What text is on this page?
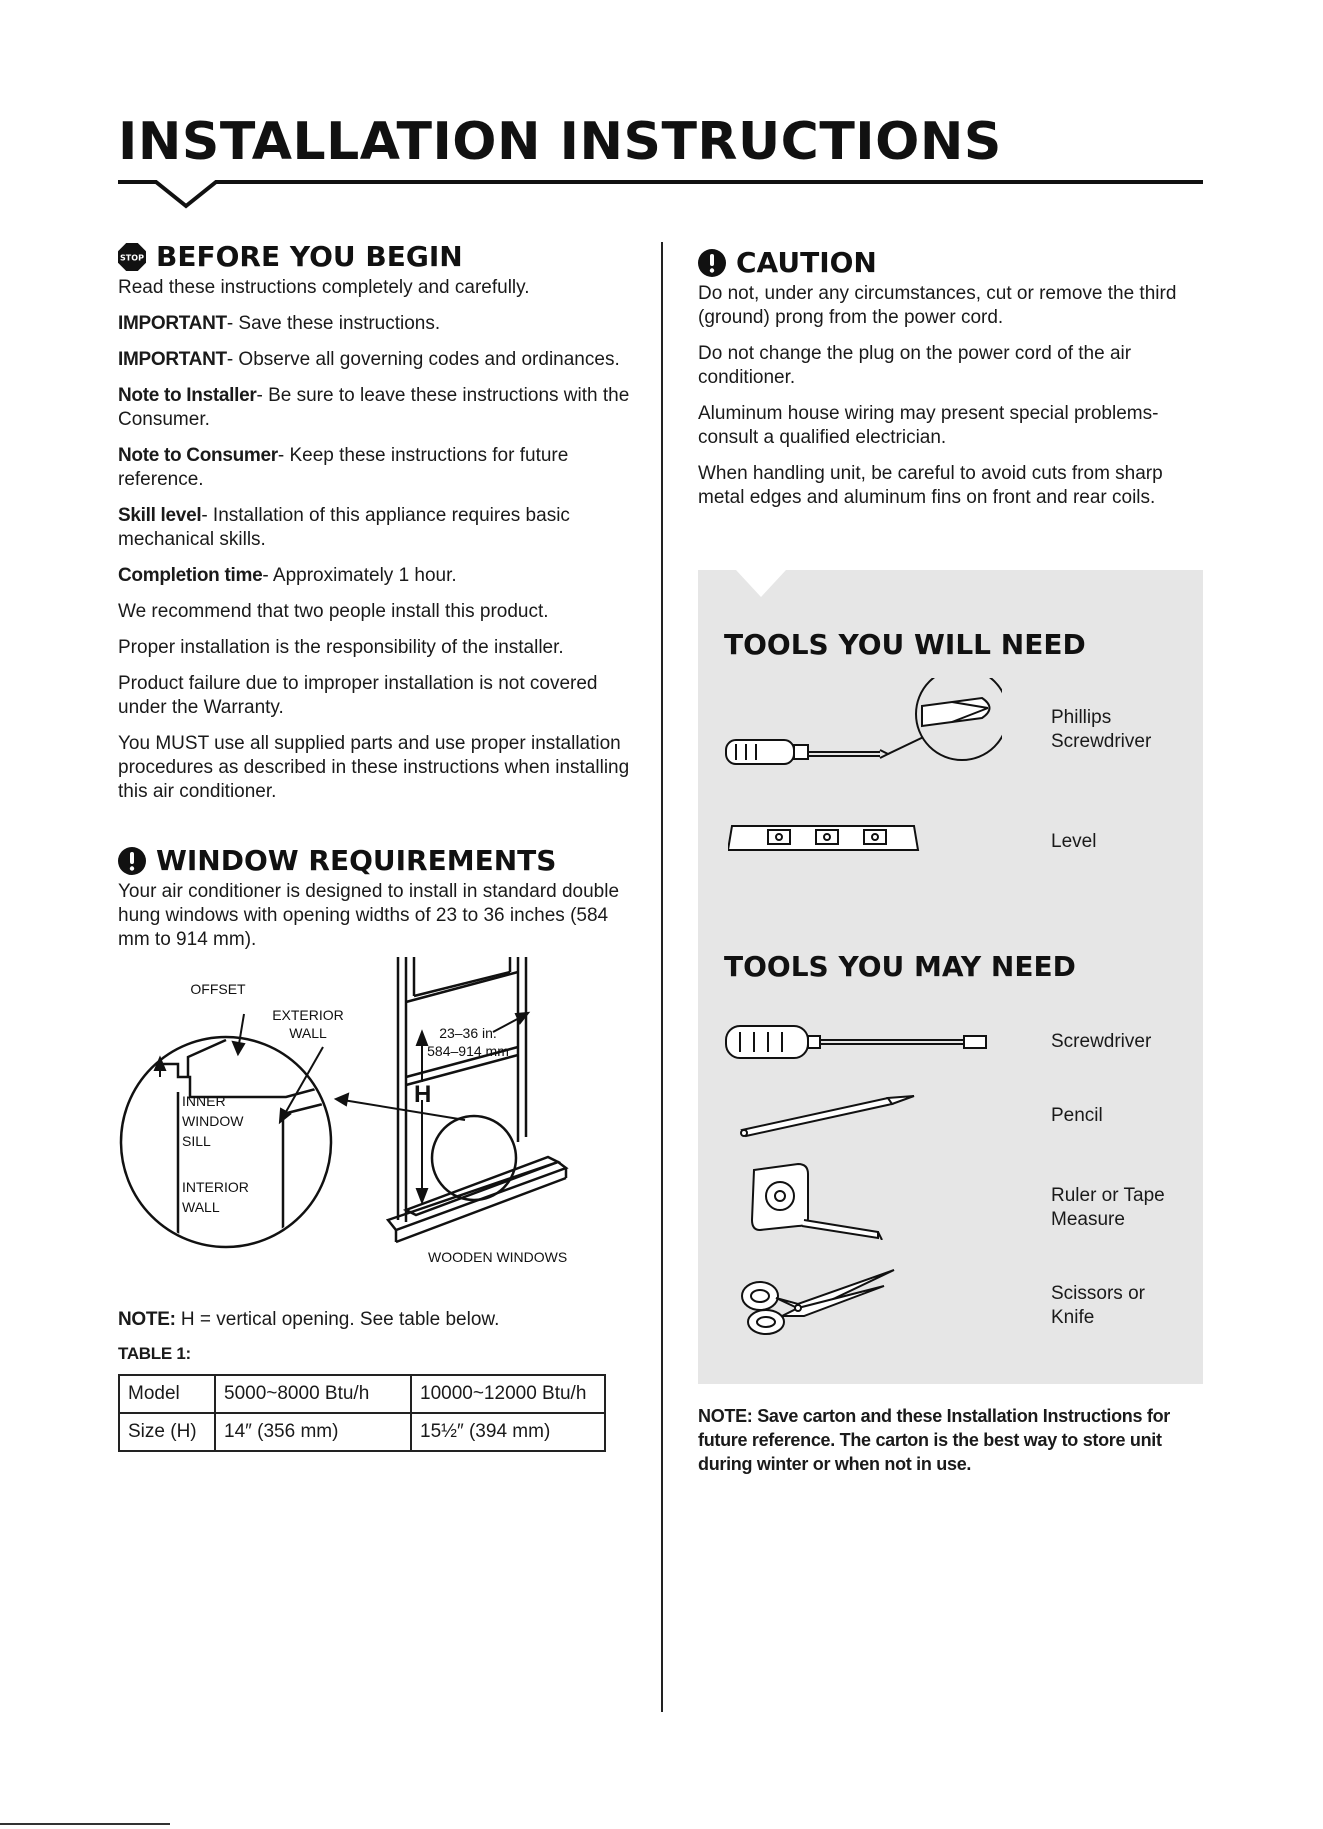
INSTALLATION INSTRUCTIONS
STOP BEFORE YOU BEGIN

Read these instructions completely and carefully.

IMPORTANT- Save these instructions.

IMPORTANT- Observe all governing codes and ordinances.

Note to Installer- Be sure to leave these instructions with the Consumer.

Note to Consumer- Keep these instructions for future reference.

Skill level- Installation of this appliance requires basic mechanical skills.

Completion time- Approximately 1 hour.

We recommend that two people install this product.

Proper installation is the responsibility of the installer.

Product failure due to improper installation is not covered under the Warranty.

You MUST use all supplied parts and use proper installation procedures as described in these instructions when installing this air conditioner.

WINDOW REQUIREMENTS

Your air conditioner is designed to install in standard double hung windows with opening widths of 23 to 36 inches (584 mm to 914 mm).

OFFSET
EXTERIOR
WALL	23–36 in.
584–914 mm
H
INNER
WINDOW
SILL
INTERIOR
WALL
WOODEN WINDOWS

NOTE: H = vertical opening. See table below.

TABLE 1:

Model	5000~8000 Btu/h	10000~12000 Btu/h
Size (H)	14″ (356 mm)	15½″ (394 mm)
CAUTION

Do not, under any circumstances, cut or remove the third (ground) prong from the power cord.

Do not change the plug on the power cord of the air conditioner.

Aluminum house wiring may present special problems- consult a qualified electrician.

When handling unit, be careful to avoid cuts from sharp metal edges and aluminum fins on front and rear coils.

TOOLS YOU WILL NEED
Phillips
Screwdriver
Level
TOOLS YOU MAY NEED
Screwdriver
Pencil
Ruler or Tape
Measure
Scissors or
Knife

NOTE: Save carton and these Installation Instructions for future reference. The carton is the best way to store unit during winter or when not in use.
